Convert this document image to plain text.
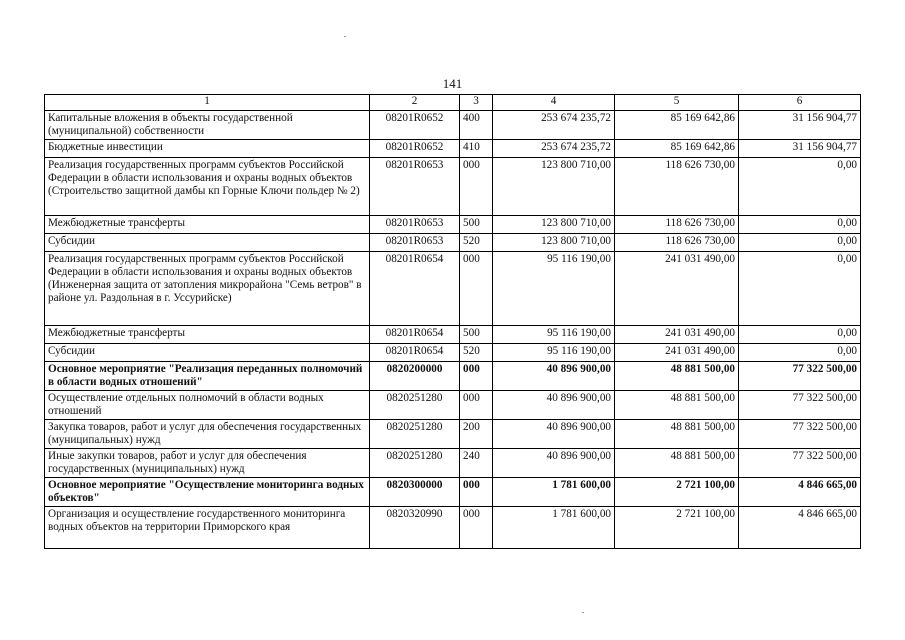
141
1	2	3	4	5	6
Капитальные вложения в объекты государственной (муниципальной) собственности	08201R0652	400	253 674 235,72	85 169 642,86	31 156 904,77
Бюджетные инвестиции	08201R0652	410	253 674 235,72	85 169 642,86	31 156 904,77
Реализация государственных программ субъектов Российской Федерации в области использования и охраны водных объектов (Строительство защитной дамбы кп Горные Ключи польдер № 2)	08201R0653	000	123 800 710,00	118 626 730,00	0,00
Межбюджетные трансферты	08201R0653	500	123 800 710,00	118 626 730,00	0,00
Субсидии	08201R0653	520	123 800 710,00	118 626 730,00	0,00
Реализация государственных программ субъектов Российской Федерации в области использования и охраны водных объектов (Инженерная защита от затопления микрорайона "Семь ветров" в районе ул. Раздольная в г. Уссурийске)	08201R0654	000	95 116 190,00	241 031 490,00	0,00
Межбюджетные трансферты	08201R0654	500	95 116 190,00	241 031 490,00	0,00
Субсидии	08201R0654	520	95 116 190,00	241 031 490,00	0,00
Основное мероприятие "Реализация переданных полномочий в области водных отношений"	0820200000	000	40 896 900,00	48 881 500,00	77 322 500,00
Осуществление отдельных полномочий в области водных отношений	0820251280	000	40 896 900,00	48 881 500,00	77 322 500,00
Закупка товаров, работ и услуг для обеспечения государственных (муниципальных) нужд	0820251280	200	40 896 900,00	48 881 500,00	77 322 500,00
Иные закупки товаров, работ и услуг для обеспечения государственных (муниципальных) нужд	0820251280	240	40 896 900,00	48 881 500,00	77 322 500,00
Основное мероприятие "Осуществление мониторинга водных объектов"	0820300000	000	1 781 600,00	2 721 100,00	4 846 665,00
Организация и осуществление государственного мониторинга водных объектов на территории Приморского края	0820320990	000	1 781 600,00	2 721 100,00	4 846 665,00
